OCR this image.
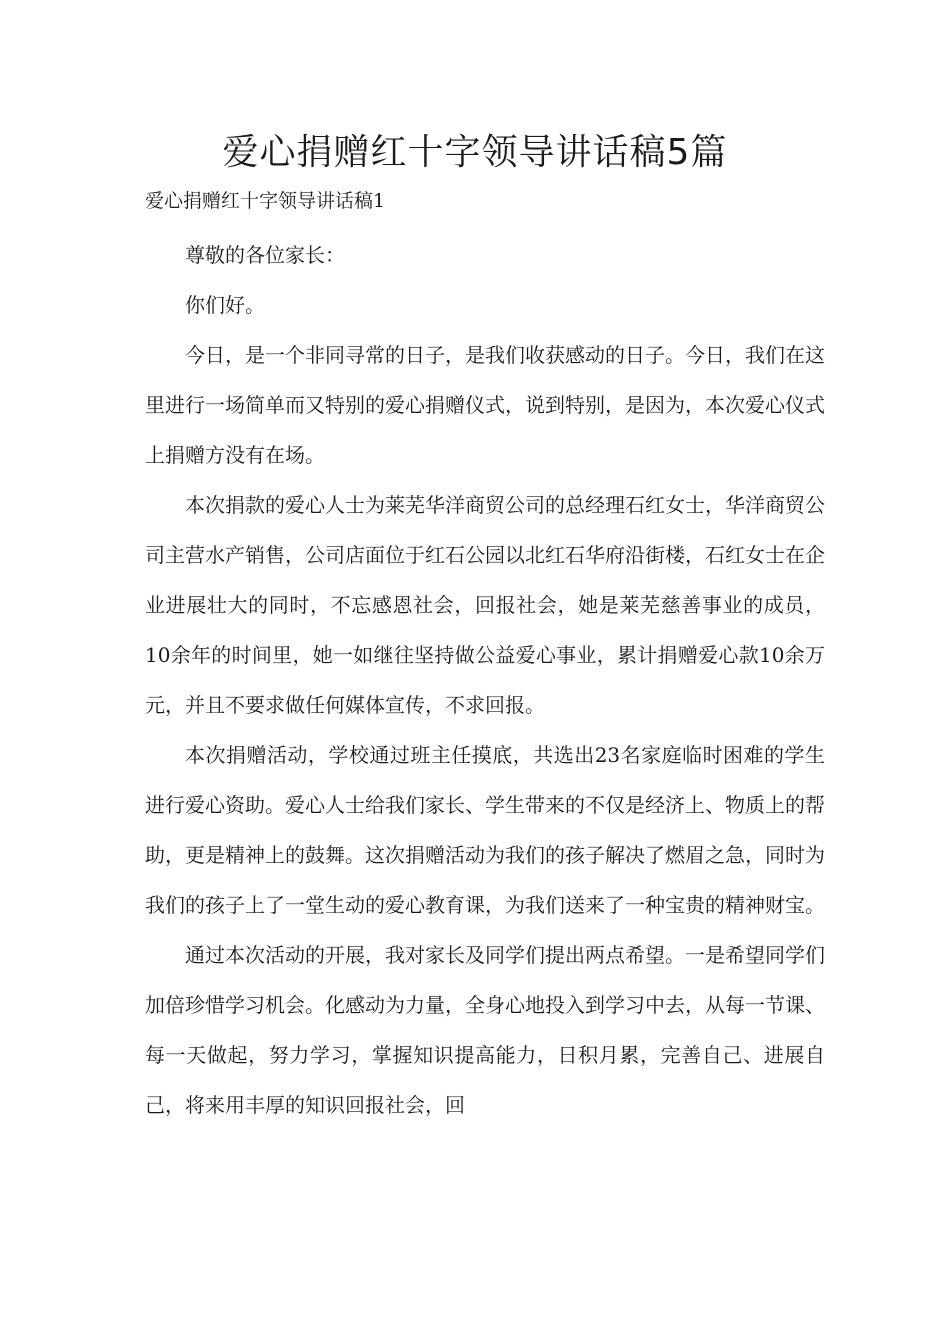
爱心捐赠红十字领导讲话稿5篇
爱心捐赠红十字领导讲话稿1

尊敬的各位家长：

你们好。

今日，是一个非同寻常的日子，是我们收获感动的日子。今日，我们在这里进行一场简单而又特别的爱心捐赠仪式，说到特别，是因为，本次爱心仪式上捐赠方没有在场。

本次捐款的爱心人士为莱芜华洋商贸公司的总经理石红女士，华洋商贸公司主营水产销售，公司店面位于红石公园以北红石华府沿街楼，石红女士在企业进展壮大的同时，不忘感恩社会，回报社会，她是莱芜慈善事业的成员，10余年的时间里，她一如继往坚持做公益爱心事业，累计捐赠爱心款10余万元，并且不要求做任何媒体宣传，不求回报。

本次捐赠活动，学校通过班主任摸底，共选出23名家庭临时困难的学生进行爱心资助。爱心人士给我们家长、学生带来的不仅是经济上、物质上的帮助，更是精神上的鼓舞。这次捐赠活动为我们的孩子解决了燃眉之急，同时为我们的孩子上了一堂生动的爱心教育课，为我们送来了一种宝贵的精神财宝。

通过本次活动的开展，我对家长及同学们提出两点希望。一是希望同学们加倍珍惜学习机会。化感动为力量，全身心地投入到学习中去，从每一节课、每一天做起，努力学习，掌握知识提高能力，日积月累，完善自己、进展自己，将来用丰厚的知识回报社会，回
